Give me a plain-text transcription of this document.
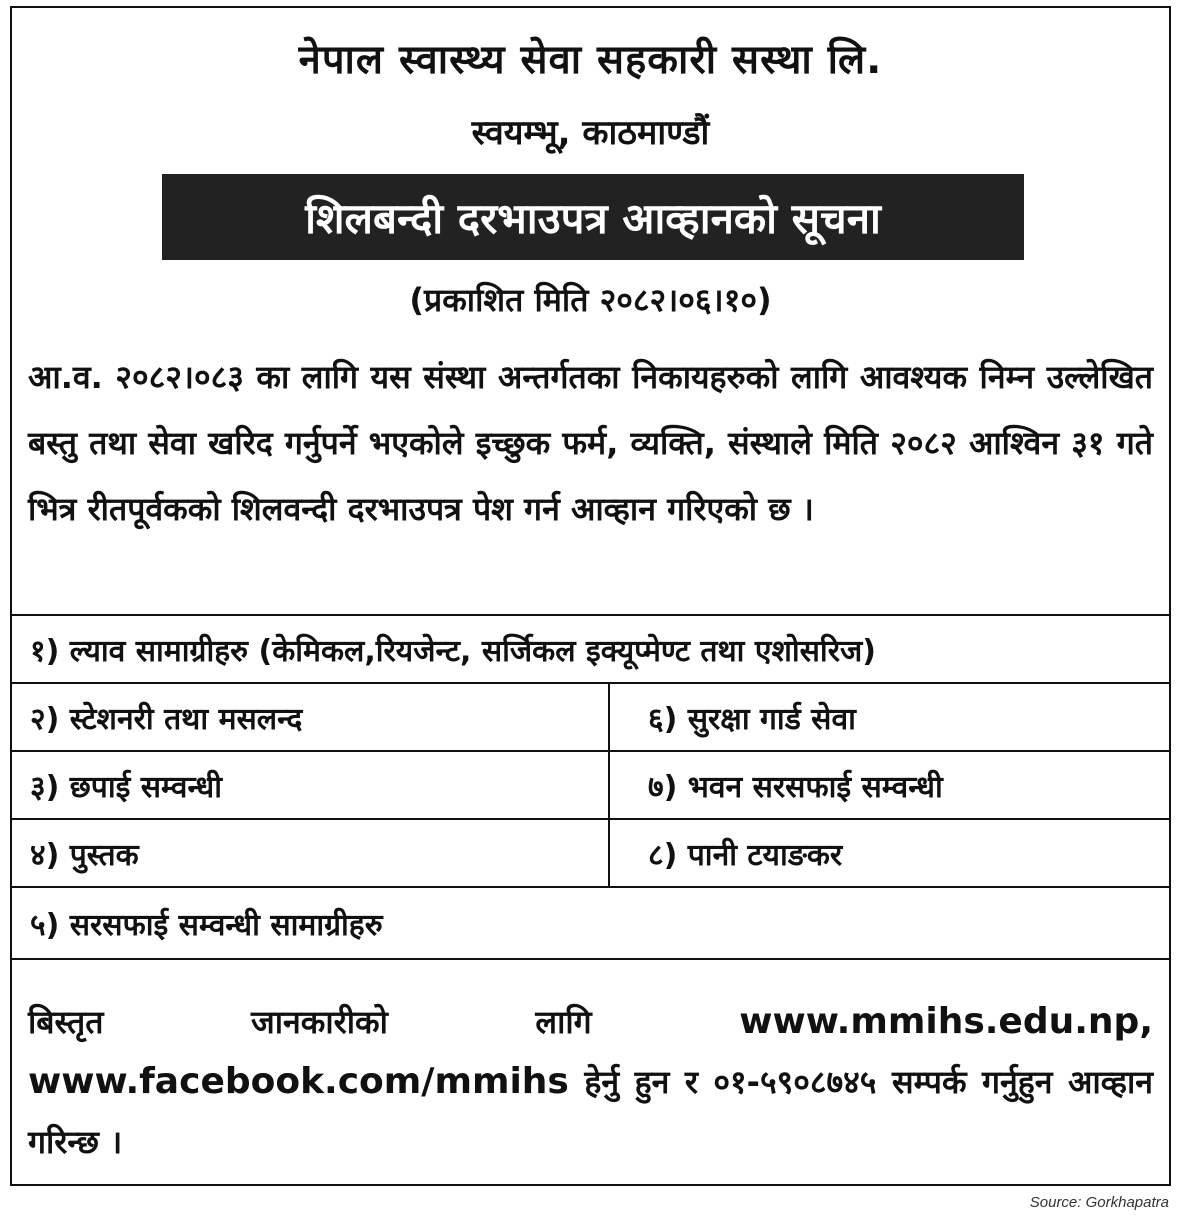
नेपाल स्वास्थ्य सेवा सहकारी सस्था लि.
स्वयम्भू, काठमाण्डौं
शिलबन्दी दरभाउपत्र आव्हानको सूचना
(प्रकाशित मिति २०८२।०६।१०)
आ.व. २०८२।०८३ का लागि यस संस्था अन्तर्गतका निकायहरुको लागि आवश्यक निम्न उल्लेखित बस्तु तथा सेवा खरिद गर्नुपर्ने भएकोले इच्छुक फर्म, व्यक्ति, संस्थाले मिति २०८२ आश्विन ३१ गते भित्र रीतपूर्वकको शिलवन्दी दरभाउपत्र पेश गर्न आव्हान गरिएको छ ।
१) ल्याव सामाग्रीहरु (केमिकल,रियजेन्ट, सर्जिकल इक्यूप्मेण्ट तथा एशोसरिज)
२) स्टेशनरी तथा मसलन्द	६) सुरक्षा गार्ड सेवा
३) छपाई सम्वन्धी	७) भवन सरसफाई सम्वन्धी
४) पुस्तक	८) पानी टयाङकर
५) सरसफाई सम्वन्धी सामाग्रीहरु
बिस्तृत जानकारीको लागि	www.mmihs.edu.np, www.facebook.com/mmihs हेर्नु हुन र ०१-५९०८७४५ सम्पर्क गर्नुहुन आव्हान गरिन्छ ।
Source: Gorkhapatra
